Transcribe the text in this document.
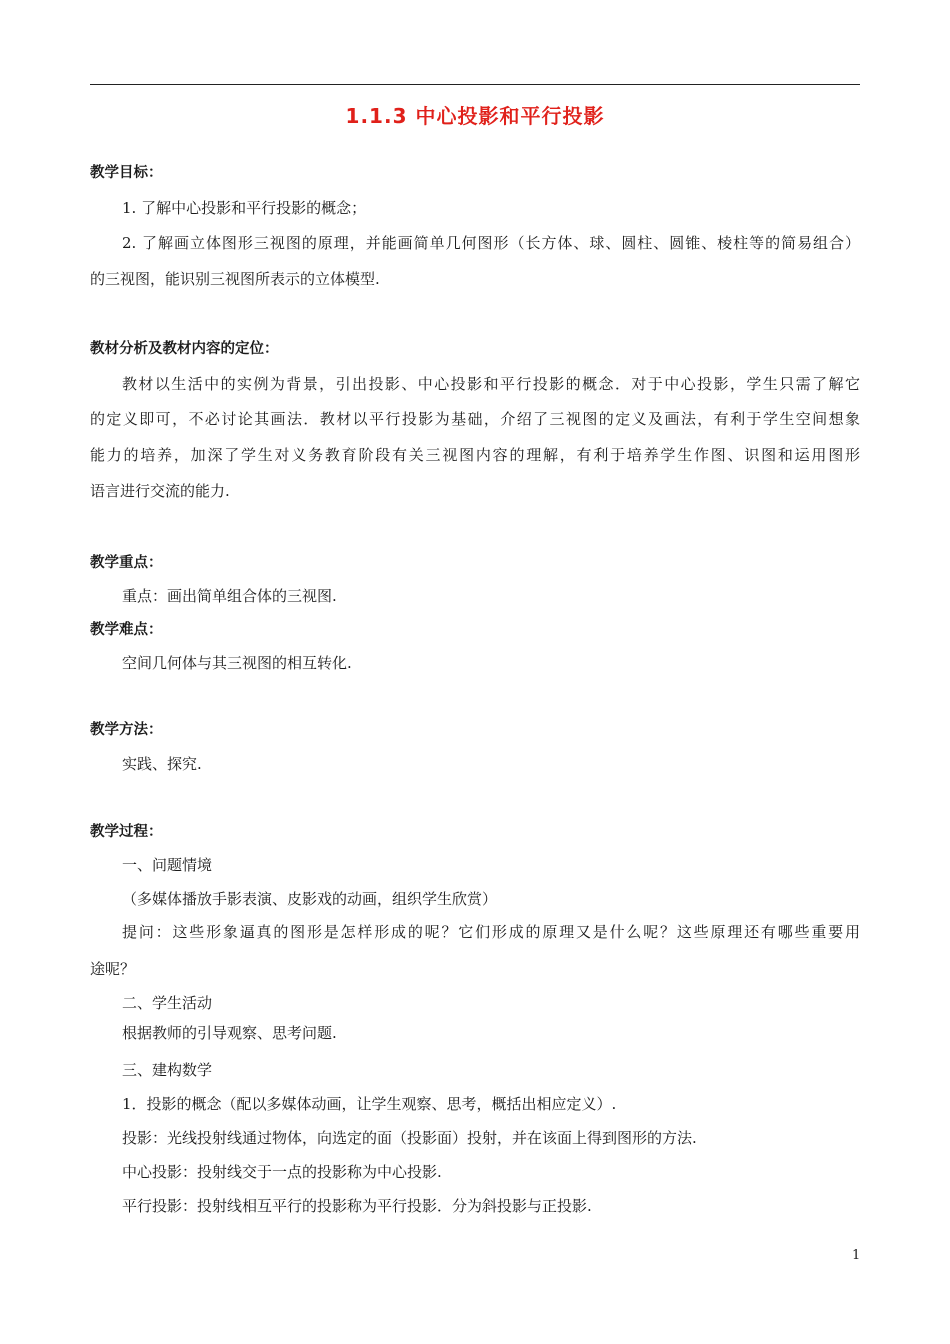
1.1.3 中心投影和平行投影
教学目标：
1. 了解中心投影和平行投影的概念；
2. 了解画立体图形三视图的原理，并能画简单几何图形（长方体、球、圆柱、圆锥、棱柱等的简易组合）
的三视图，能识别三视图所表示的立体模型.
教材分析及教材内容的定位：
教材以生活中的实例为背景，引出投影、中心投影和平行投影的概念．对于中心投影，学生只需了解它
的定义即可，不必讨论其画法．教材以平行投影为基础，介绍了三视图的定义及画法，有利于学生空间想象
能力的培养，加深了学生对义务教育阶段有关三视图内容的理解，有利于培养学生作图、识图和运用图形
语言进行交流的能力.
教学重点：
重点：画出简单组合体的三视图.
教学难点：
空间几何体与其三视图的相互转化.
教学方法：
实践、探究.
教学过程：
一、问题情境
（多媒体播放手影表演、皮影戏的动画，组织学生欣赏）
提问：这些形象逼真的图形是怎样形成的呢？它们形成的原理又是什么呢？这些原理还有哪些重要用
途呢？
二、学生活动
根据教师的引导观察、思考问题.
三、建构数学
1．投影的概念（配以多媒体动画，让学生观察、思考，概括出相应定义）.
投影：光线投射线通过物体，向选定的面（投影面）投射，并在该面上得到图形的方法.
中心投影：投射线交于一点的投影称为中心投影.
平行投影：投射线相互平行的投影称为平行投影．分为斜投影与正投影.
1
